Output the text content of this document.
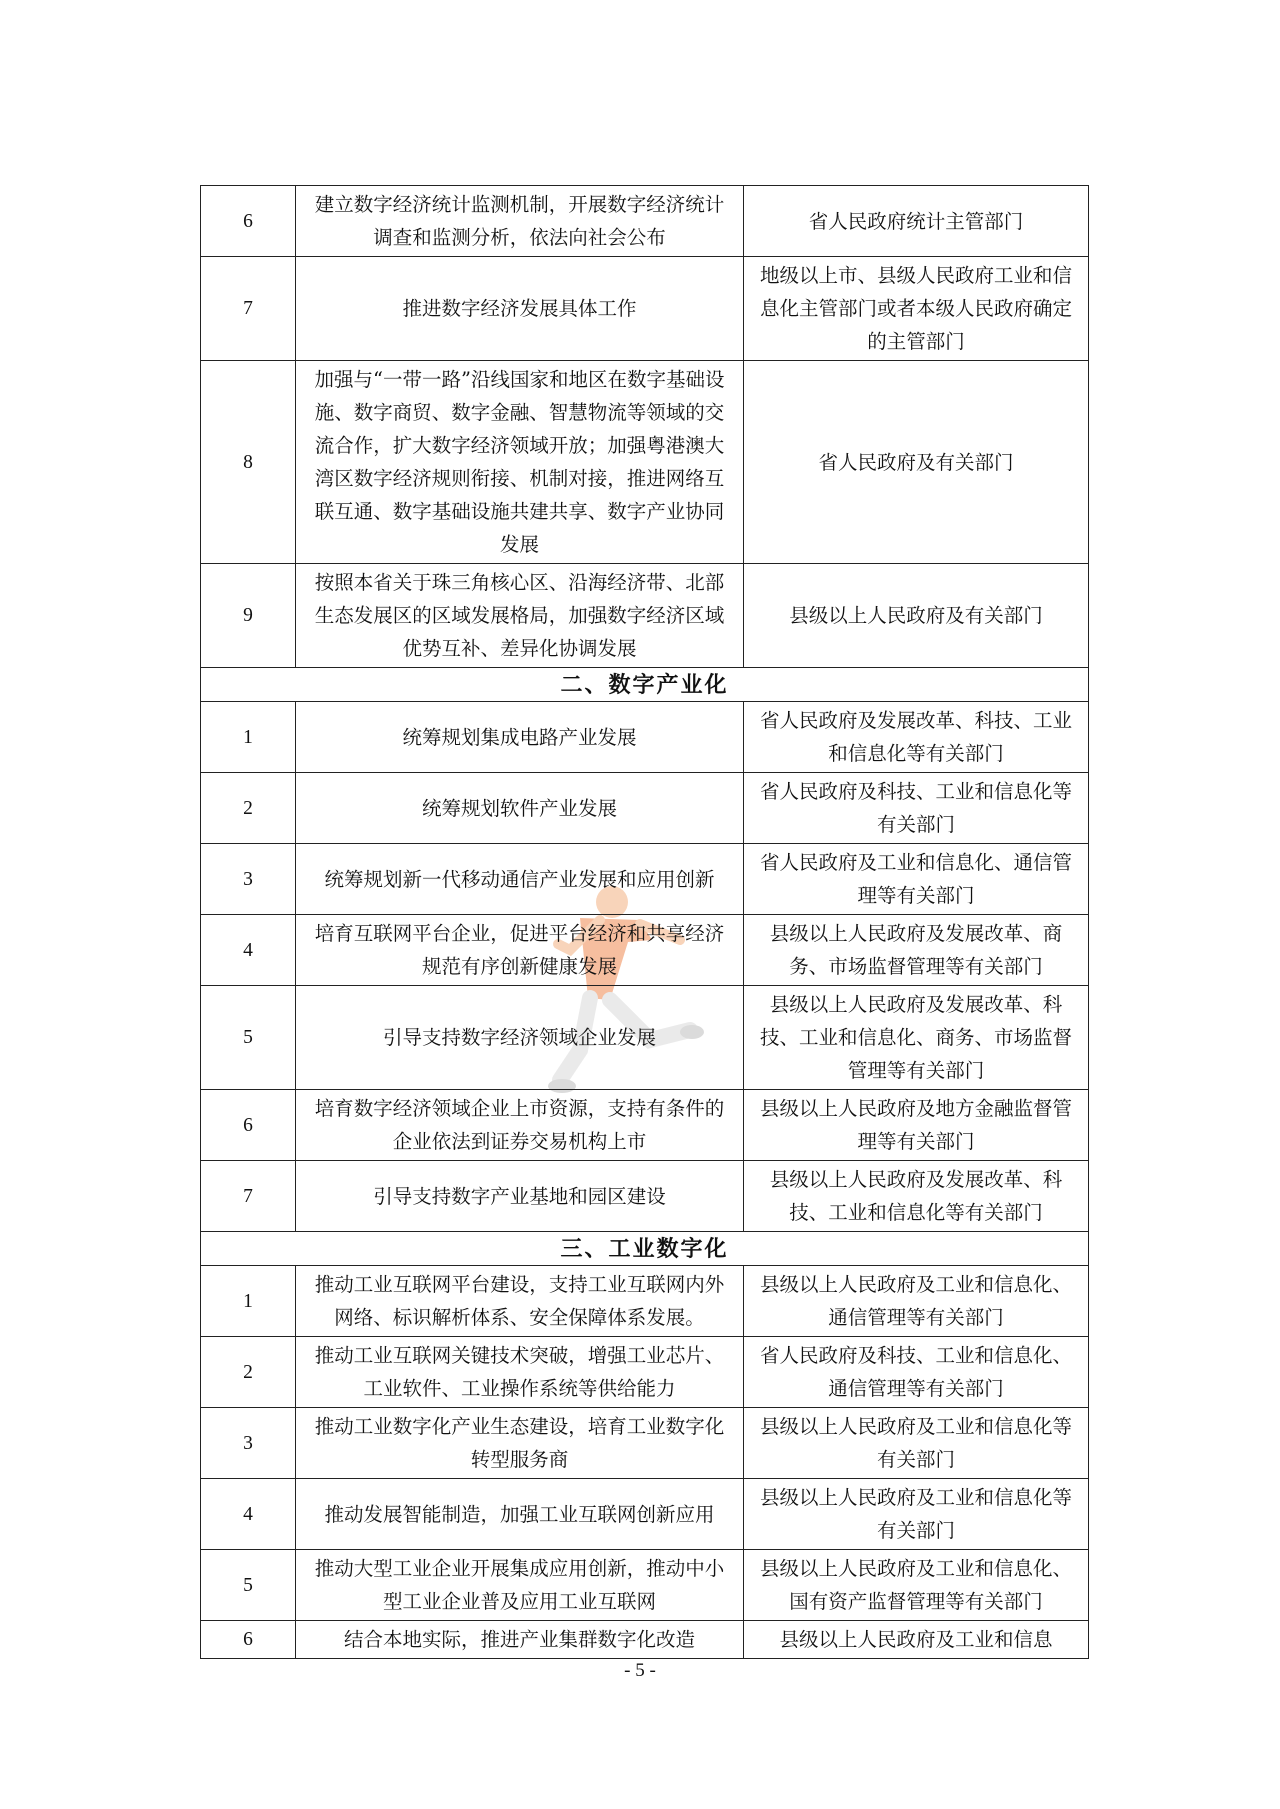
6	建立数字经济统计监测机制，开展数字经济统计调查和监测分析，依法向社会公布	省人民政府统计主管部门
7	推进数字经济发展具体工作	地级以上市、县级人民政府工业和信息化主管部门或者本级人民政府确定的主管部门
8	加强与“一带一路”沿线国家和地区在数字基础设施、数字商贸、数字金融、智慧物流等领域的交流合作，扩大数字经济领域开放；加强粤港澳大湾区数字经济规则衔接、机制对接，推进网络互联互通、数字基础设施共建共享、数字产业协同发展	省人民政府及有关部门
9	按照本省关于珠三角核心区、沿海经济带、北部生态发展区的区域发展格局，加强数字经济区域优势互补、差异化协调发展	县级以上人民政府及有关部门
二、数字产业化		
1	统筹规划集成电路产业发展	省人民政府及发展改革、科技、工业和信息化等有关部门
2	统筹规划软件产业发展	省人民政府及科技、工业和信息化等有关部门
3	统筹规划新一代移动通信产业发展和应用创新	省人民政府及工业和信息化、通信管理等有关部门
4	培育互联网平台企业，促进平台经济和共享经济规范有序创新健康发展	县级以上人民政府及发展改革、商务、市场监督管理等有关部门
5	引导支持数字经济领域企业发展	县级以上人民政府及发展改革、科技、工业和信息化、商务、市场监督管理等有关部门
6	培育数字经济领域企业上市资源，支持有条件的企业依法到证券交易机构上市	县级以上人民政府及地方金融监督管理等有关部门
7	引导支持数字产业基地和园区建设	县级以上人民政府及发展改革、科技、工业和信息化等有关部门
三、工业数字化		
1	推动工业互联网平台建设，支持工业互联网内外网络、标识解析体系、安全保障体系发展。	县级以上人民政府及工业和信息化、通信管理等有关部门
2	推动工业互联网关键技术突破，增强工业芯片、工业软件、工业操作系统等供给能力	省人民政府及科技、工业和信息化、通信管理等有关部门
3	推动工业数字化产业生态建设，培育工业数字化转型服务商	县级以上人民政府及工业和信息化等有关部门
4	推动发展智能制造，加强工业互联网创新应用	县级以上人民政府及工业和信息化等有关部门
5	推动大型工业企业开展集成应用创新，推动中小型工业企业普及应用工业互联网	县级以上人民政府及工业和信息化、国有资产监督管理等有关部门
6	结合本地实际，推进产业集群数字化改造	县级以上人民政府及工业和信息
- 5 -
